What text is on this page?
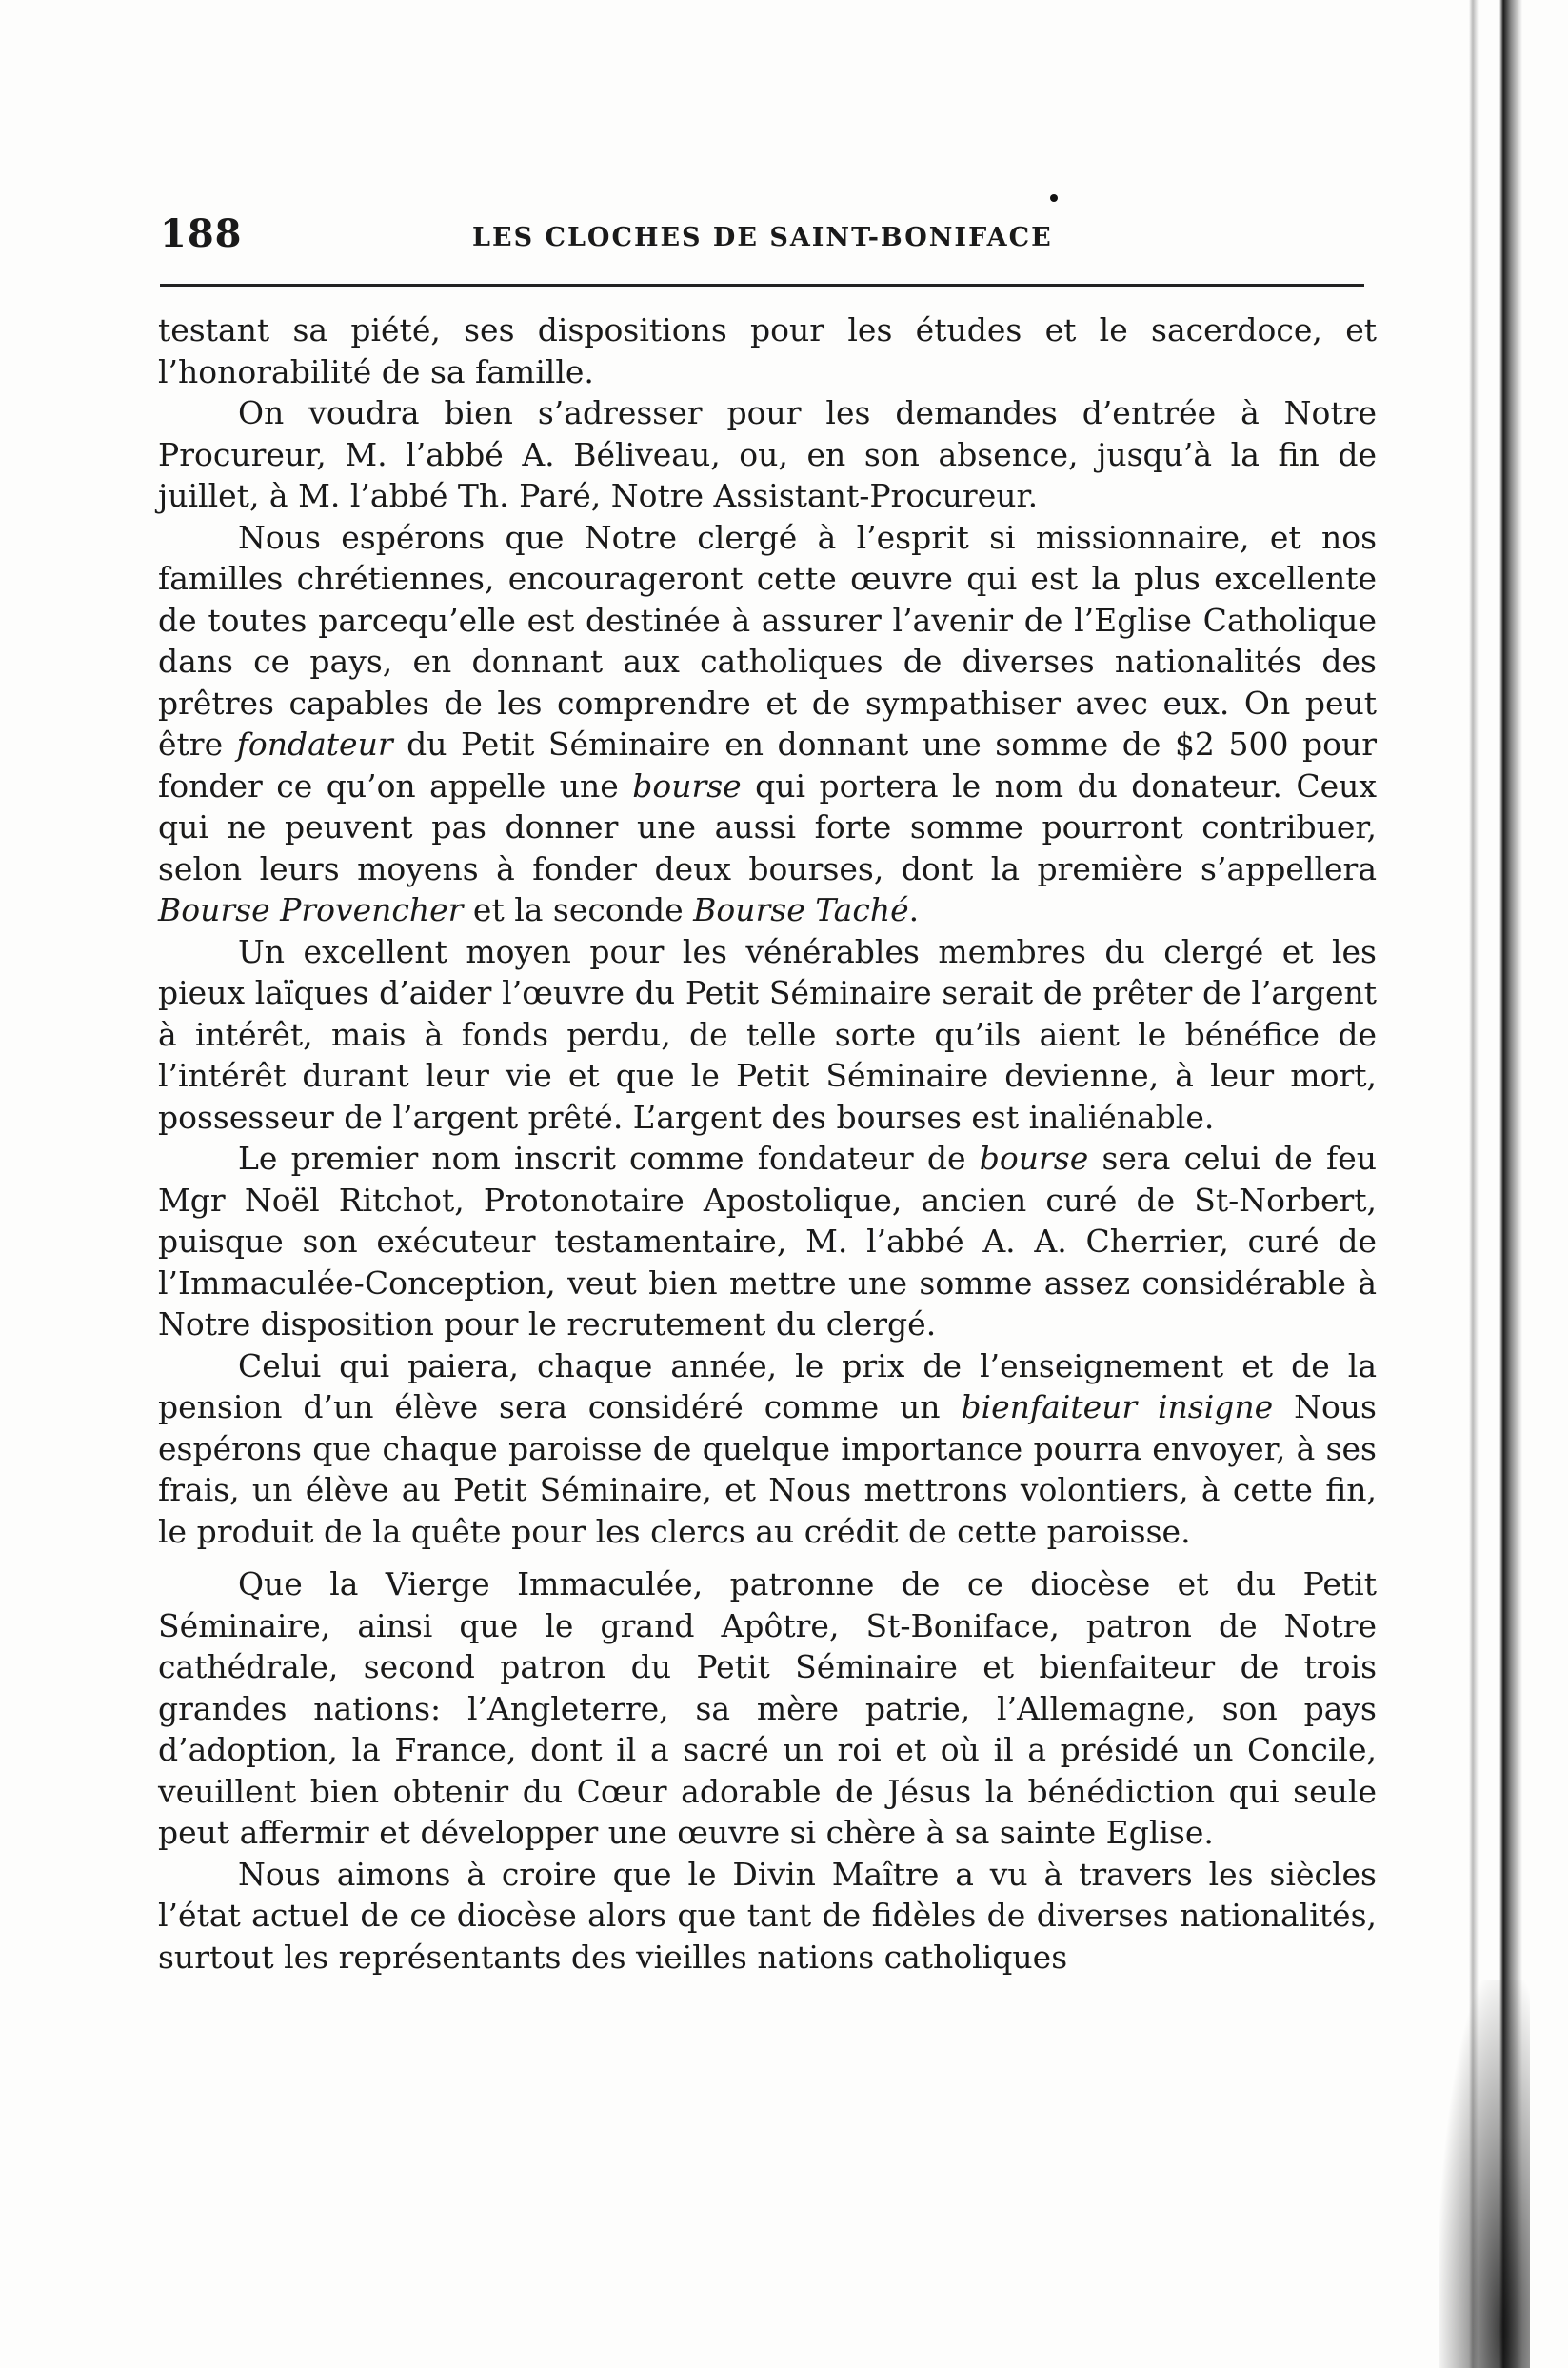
188	LES CLOCHES DE SAINT-BONIFACE

testant sa piété, ses dispositions pour les études et le sacerdoce, et l’honorabilité de sa famille.

On voudra bien s’adresser pour les demandes d’entrée à Notre Procureur, M. l’abbé A. Béliveau, ou, en son absence, jusqu’à la fin de juillet, à M. l’abbé Th. Paré, Notre Assistant-Procureur.

Nous espérons que Notre clergé à l’esprit si missionnaire, et nos familles chrétiennes, encourageront cette œuvre qui est la plus excellente de toutes parcequ’elle est destinée à assurer l’avenir de l’Eglise Catholique dans ce pays, en donnant aux catholiques de diverses nationalités des prêtres capables de les comprendre et de sympathiser avec eux. On peut être fondateur du Petit Séminaire en donnant une somme de $2 500 pour fonder ce qu’on appelle une bourse qui portera le nom du donateur. Ceux qui ne peuvent pas donner une aussi forte somme pourront contribuer, selon leurs moyens à fonder deux bourses, dont la première s’appellera Bourse Provencher et la seconde Bourse Taché.

Un excellent moyen pour les vénérables membres du clergé et les pieux laïques d’aider l’œuvre du Petit Séminaire serait de prêter de l’argent à intérêt, mais à fonds perdu, de telle sorte qu’ils aient le bénéfice de l’intérêt durant leur vie et que le Petit Séminaire devienne, à leur mort, possesseur de l’argent prêté. L’argent des bourses est inaliénable.

Le premier nom inscrit comme fondateur de bourse sera celui de feu Mgr Noël Ritchot, Protonotaire Apostolique, ancien curé de St-Norbert, puisque son exécuteur testamentaire, M. l’abbé A. A. Cherrier, curé de l’Immaculée-Conception, veut bien mettre une somme assez considérable à Notre disposition pour le recrutement du clergé.

Celui qui paiera, chaque année, le prix de l’enseignement et de la pension d’un élève sera considéré comme un bienfaiteur insigne Nous espérons que chaque paroisse de quelque importance pourra envoyer, à ses frais, un élève au Petit Séminaire, et Nous mettrons volontiers, à cette fin, le produit de la quête pour les clercs au crédit de cette paroisse.

Que la Vierge Immaculée, patronne de ce diocèse et du Petit Séminaire, ainsi que le grand Apôtre, St-Boniface, patron de Notre cathédrale, second patron du Petit Séminaire et bienfaiteur de trois grandes nations: l’Angleterre, sa mère patrie, l’Allemagne, son pays d’adoption, la France, dont il a sacré un roi et où il a présidé un Concile, veuillent bien obtenir du Cœur adorable de Jésus la bénédiction qui seule peut affermir et développer une œuvre si chère à sa sainte Eglise.

Nous aimons à croire que le Divin Maître a vu à travers les siècles l’état actuel de ce diocèse alors que tant de fidèles de diverses nationalités, surtout les représentants des vieilles nations catholiques
